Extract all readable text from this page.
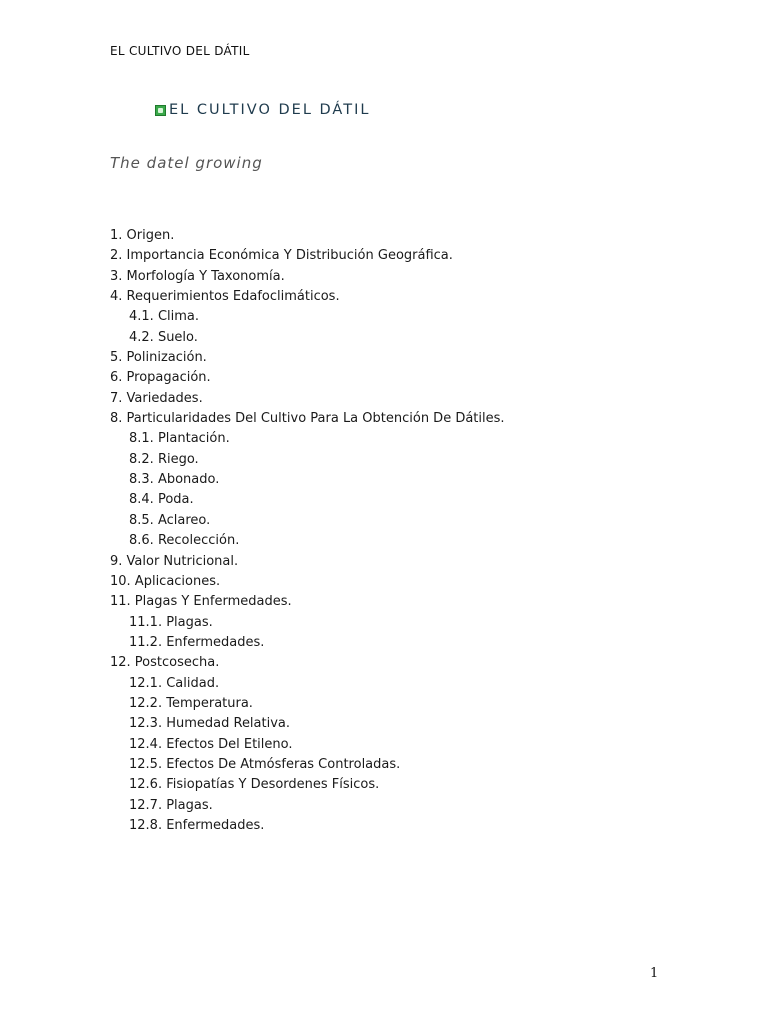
EL CULTIVO DEL DÁTIL
EL CULTIVO DEL DÁTIL
The datel growing
1. Origen.
2. Importancia Económica Y Distribución Geográfica.
3. Morfología Y Taxonomía.
4. Requerimientos Edafoclimáticos.
4.1. Clima.
4.2. Suelo.
5. Polinización.
6. Propagación.
7. Variedades.
8. Particularidades Del Cultivo Para La Obtención De Dátiles.
8.1. Plantación.
8.2. Riego.
8.3. Abonado.
8.4. Poda.
8.5. Aclareo.
8.6. Recolección.
9. Valor Nutricional.
10. Aplicaciones.
11. Plagas Y Enfermedades.
11.1. Plagas.
11.2. Enfermedades.
12. Postcosecha.
12.1. Calidad.
12.2. Temperatura.
12.3. Humedad Relativa.
12.4. Efectos Del Etileno.
12.5. Efectos De Atmósferas Controladas.
12.6. Fisiopatías Y Desordenes Físicos.
12.7. Plagas.
12.8. Enfermedades.
1
